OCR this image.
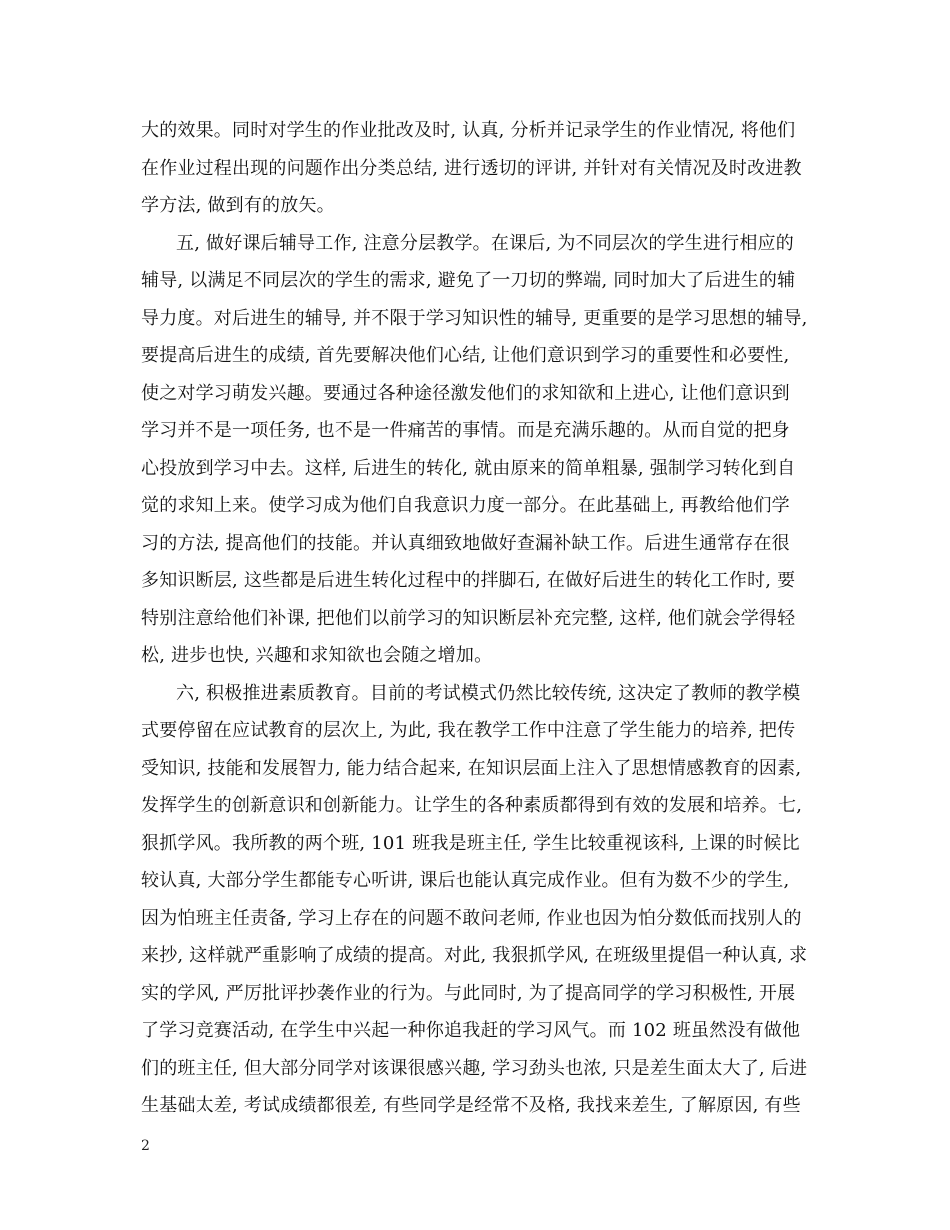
大的效果。同时对学生的作业批改及时, 认真, 分析并记录学生的作业情况, 将他们
在作业过程出现的问题作出分类总结, 进行透切的评讲, 并针对有关情况及时改进教
学方法, 做到有的放矢。
五, 做好课后辅导工作, 注意分层教学。在课后, 为不同层次的学生进行相应的
辅导, 以满足不同层次的学生的需求, 避免了一刀切的弊端, 同时加大了后进生的辅
导力度。对后进生的辅导, 并不限于学习知识性的辅导, 更重要的是学习思想的辅导,
要提高后进生的成绩, 首先要解决他们心结, 让他们意识到学习的重要性和必要性,
使之对学习萌发兴趣。要通过各种途径激发他们的求知欲和上进心, 让他们意识到
学习并不是一项任务, 也不是一件痛苦的事情。而是充满乐趣的。从而自觉的把身
心投放到学习中去。这样, 后进生的转化, 就由原来的简单粗暴, 强制学习转化到自
觉的求知上来。使学习成为他们自我意识力度一部分。在此基础上, 再教给他们学
习的方法, 提高他们的技能。并认真细致地做好查漏补缺工作。后进生通常存在很
多知识断层, 这些都是后进生转化过程中的拌脚石, 在做好后进生的转化工作时, 要
特别注意给他们补课, 把他们以前学习的知识断层补充完整, 这样, 他们就会学得轻
松, 进步也快, 兴趣和求知欲也会随之增加。
六, 积极推进素质教育。目前的考试模式仍然比较传统, 这决定了教师的教学模
式要停留在应试教育的层次上, 为此, 我在教学工作中注意了学生能力的培养, 把传
受知识, 技能和发展智力, 能力结合起来, 在知识层面上注入了思想情感教育的因素,
发挥学生的创新意识和创新能力。让学生的各种素质都得到有效的发展和培养。七,
狠抓学风。我所教的两个班, 101 班我是班主任, 学生比较重视该科, 上课的时候比
较认真, 大部分学生都能专心听讲, 课后也能认真完成作业。但有为数不少的学生,
因为怕班主任责备, 学习上存在的问题不敢问老师, 作业也因为怕分数低而找别人的
来抄, 这样就严重影响了成绩的提高。对此, 我狠抓学风, 在班级里提倡一种认真, 求
实的学风, 严厉批评抄袭作业的行为。与此同时, 为了提高同学的学习积极性, 开展
了学习竞赛活动, 在学生中兴起一种你追我赶的学习风气。而 102 班虽然没有做他
们的班主任, 但大部分同学对该课很感兴趣, 学习劲头也浓, 只是差生面太大了, 后进
生基础太差, 考试成绩都很差, 有些同学是经常不及格, 我找来差生, 了解原因, 有些
2
